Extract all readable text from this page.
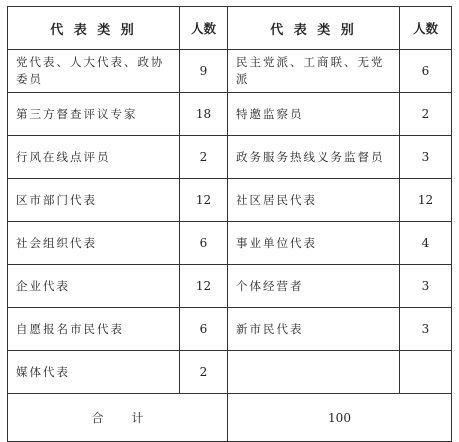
代 表 类 别	人数	代 表 类 别	人数
党代表、人大代表、政协委员	9	民主党派、工商联、无党派	6
第三方督查评议专家	18	特邀监察员	2
行风在线点评员	2	政务服务热线义务监督员	3
区市部门代表	12	社区居民代表	12
社会组织代表	6	事业单位代表	4
企业代表	12	个体经营者	3
自愿报名市民代表	6	新市民代表	3
媒体代表	2		
合计		100	
